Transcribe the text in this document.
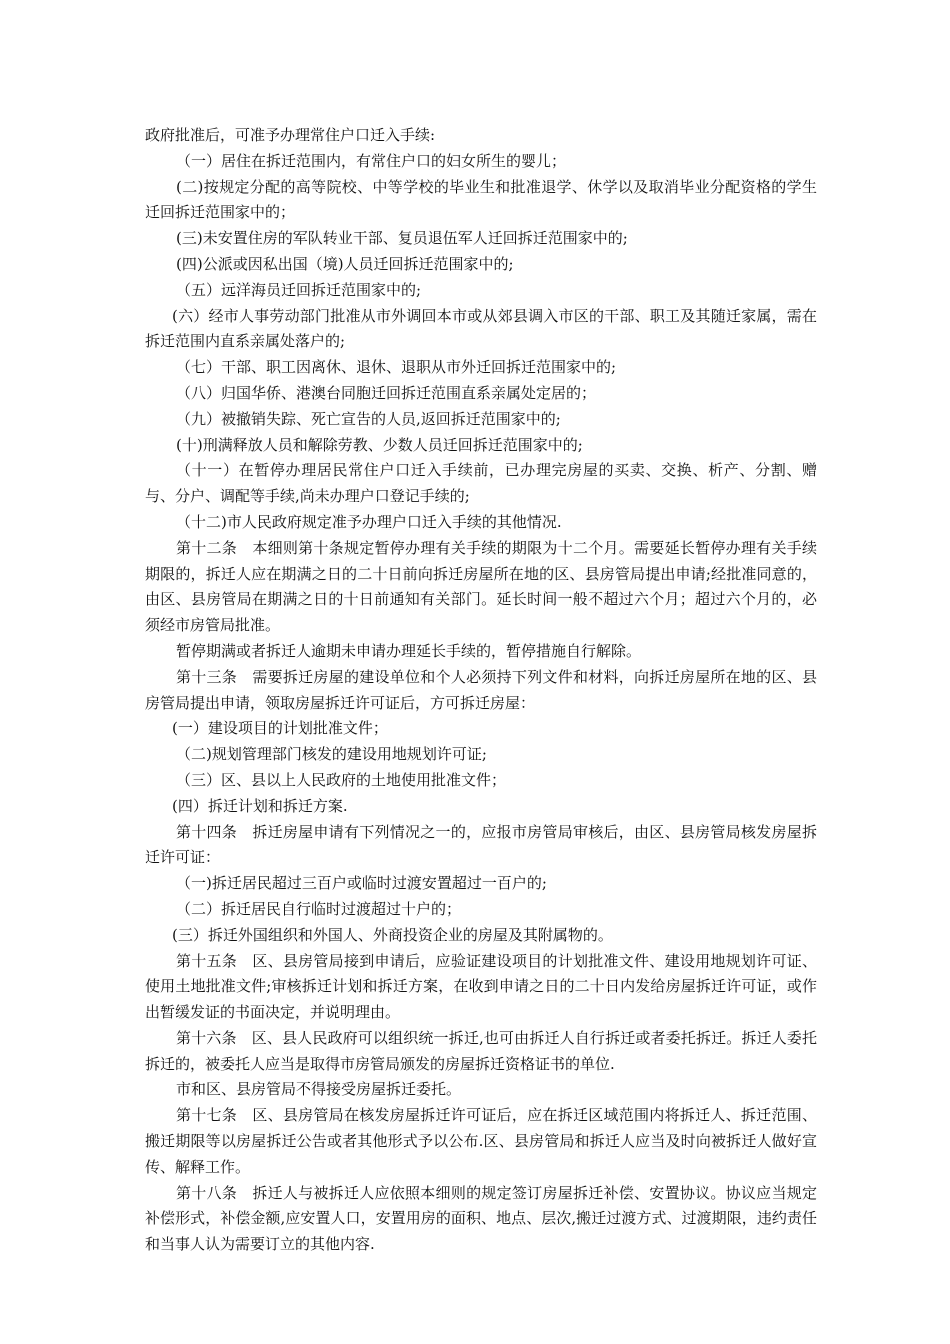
政府批准后，可准予办理常住户口迁入手续:

（一）居住在拆迁范围内，有常住户口的妇女所生的婴儿；

(二)按规定分配的高等院校、中等学校的毕业生和批准退学、休学以及取消毕业分配资格的学生迁回拆迁范围家中的；

(三)未安置住房的军队转业干部、复员退伍军人迁回拆迁范围家中的;

(四)公派或因私出国（境)人员迁回拆迁范围家中的;

（五）远洋海员迁回拆迁范围家中的;

(六）经市人事劳动部门批准从市外调回本市或从郊县调入市区的干部、职工及其随迁家属，需在拆迁范围内直系亲属处落户的;

（七）干部、职工因离休、退休、退职从市外迁回拆迁范围家中的;

（八）归国华侨、港澳台同胞迁回拆迁范围直系亲属处定居的；

（九）被撤销失踪、死亡宣告的人员,返回拆迁范围家中的;

(十)刑满释放人员和解除劳教、少数人员迁回拆迁范围家中的;

（十一）在暂停办理居民常住户口迁入手续前，已办理完房屋的买卖、交换、析产、分割、赠与、分户、调配等手续,尚未办理户口登记手续的;

（十二)市人民政府规定准予办理户口迁入手续的其他情况.

第十二条　本细则第十条规定暂停办理有关手续的期限为十二个月。需要延长暂停办理有关手续期限的，拆迁人应在期满之日的二十日前向拆迁房屋所在地的区、县房管局提出申请;经批准同意的，由区、县房管局在期满之日的十日前通知有关部门。延长时间一般不超过六个月；超过六个月的，必须经市房管局批准。

暂停期满或者拆迁人逾期未申请办理延长手续的，暂停措施自行解除。

第十三条　需要拆迁房屋的建设单位和个人必须持下列文件和材料，向拆迁房屋所在地的区、县房管局提出申请，领取房屋拆迁许可证后，方可拆迁房屋：

(一）建设项目的计划批准文件；

（二)规划管理部门核发的建设用地规划许可证;

（三）区、县以上人民政府的土地使用批准文件；

(四）拆迁计划和拆迁方案.

第十四条　拆迁房屋申请有下列情况之一的，应报市房管局审核后，由区、县房管局核发房屋拆迁许可证：

（一)拆迁居民超过三百户或临时过渡安置超过一百户的;

（二）拆迁居民自行临时过渡超过十户的；

(三）拆迁外国组织和外国人、外商投资企业的房屋及其附属物的。

第十五条　区、县房管局接到申请后，应验证建设项目的计划批准文件、建设用地规划许可证、使用土地批准文件;审核拆迁计划和拆迁方案，在收到申请之日的二十日内发给房屋拆迁许可证，或作出暂缓发证的书面决定，并说明理由。

第十六条　区、县人民政府可以组织统一拆迁,也可由拆迁人自行拆迁或者委托拆迁。拆迁人委托拆迁的，被委托人应当是取得市房管局颁发的房屋拆迁资格证书的单位.

市和区、县房管局不得接受房屋拆迁委托。

第十七条　区、县房管局在核发房屋拆迁许可证后，应在拆迁区域范围内将拆迁人、拆迁范围、搬迁期限等以房屋拆迁公告或者其他形式予以公布.区、县房管局和拆迁人应当及时向被拆迁人做好宣传、解释工作。

第十八条　拆迁人与被拆迁人应依照本细则的规定签订房屋拆迁补偿、安置协议。协议应当规定补偿形式，补偿金额,应安置人口，安置用房的面积、地点、层次,搬迁过渡方式、过渡期限，违约责任和当事人认为需要订立的其他内容.
